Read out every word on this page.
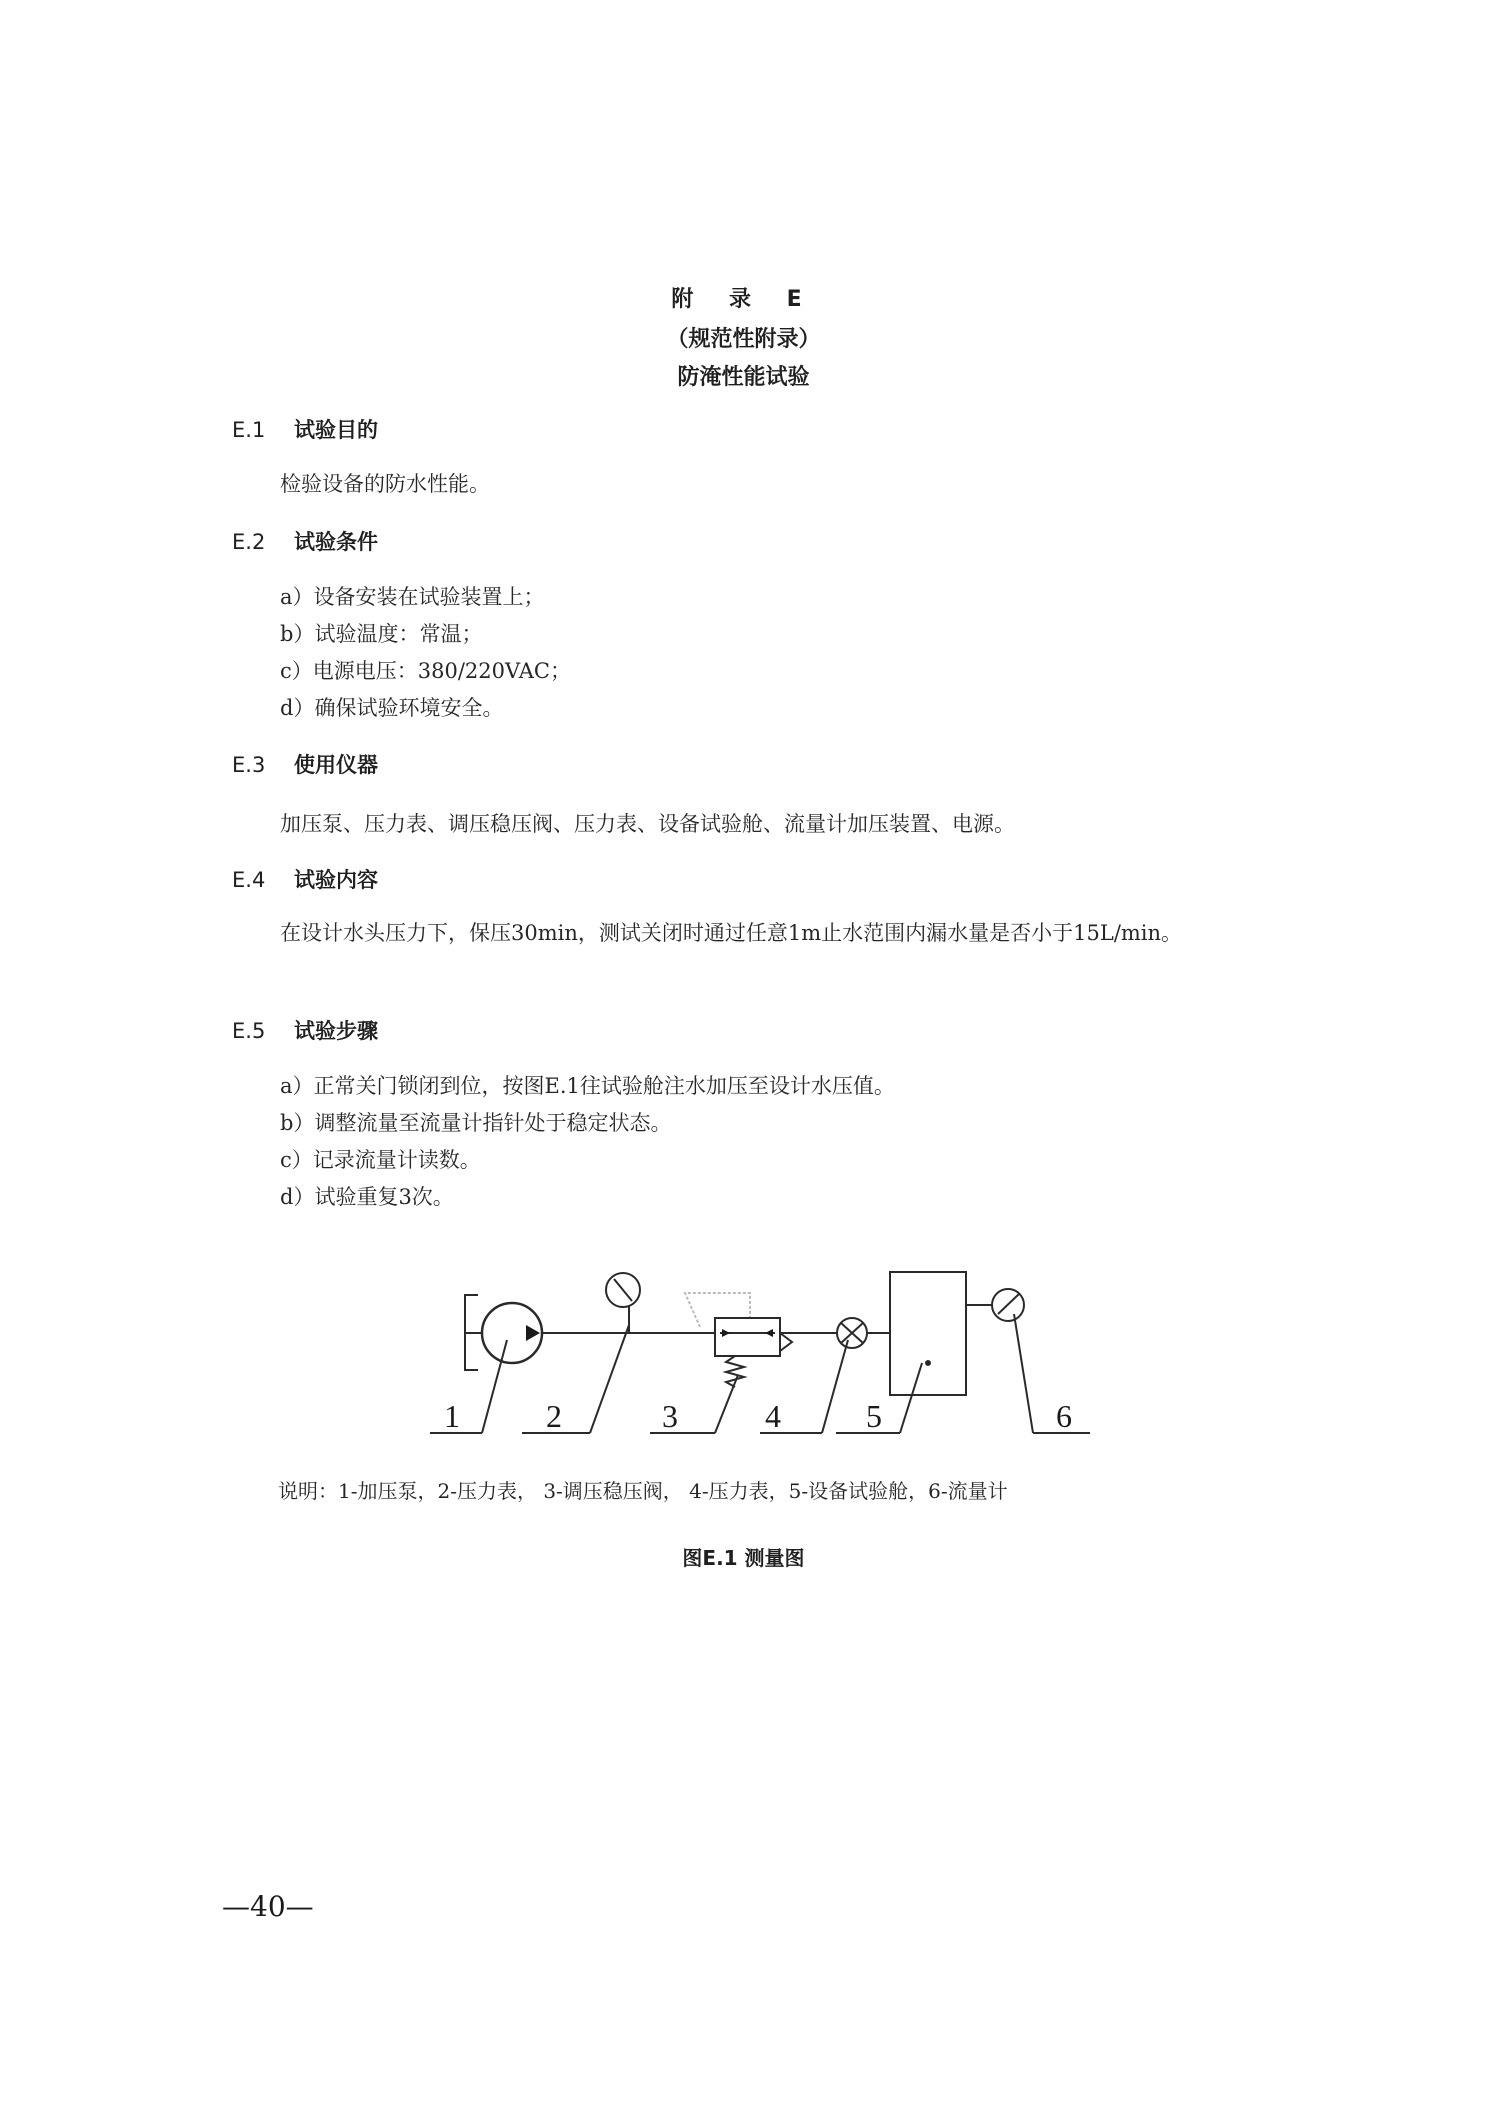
附 录 E
（规范性附录）
防淹性能试验
E.1 试验目的
检验设备的防水性能。
E.2 试验条件
a）设备安装在试验装置上；
b）试验温度：常温；
c）电源电压：380/220VAC；
d）确保试验环境安全。
E.3 使用仪器
加压泵、压力表、调压稳压阀、压力表、设备试验舱、流量计加压装置、电源。
E.4 试验内容
在设计水头压力下，保压30min，测试关闭时通过任意1m止水范围内漏水量是否小于15L/min。
E.5 试验步骤
a）正常关门锁闭到位，按图E.1往试验舱注水加压至设计水压值。
b）调整流量至流量计指针处于稳定状态。
c）记录流量计读数。
d）试验重复3次。
1	2	3	4	5	6
说明：1-加压泵，2-压力表， 3-调压稳压阀， 4-压力表，5-设备试验舱，6-流量计
图E.1 测量图
—40—
